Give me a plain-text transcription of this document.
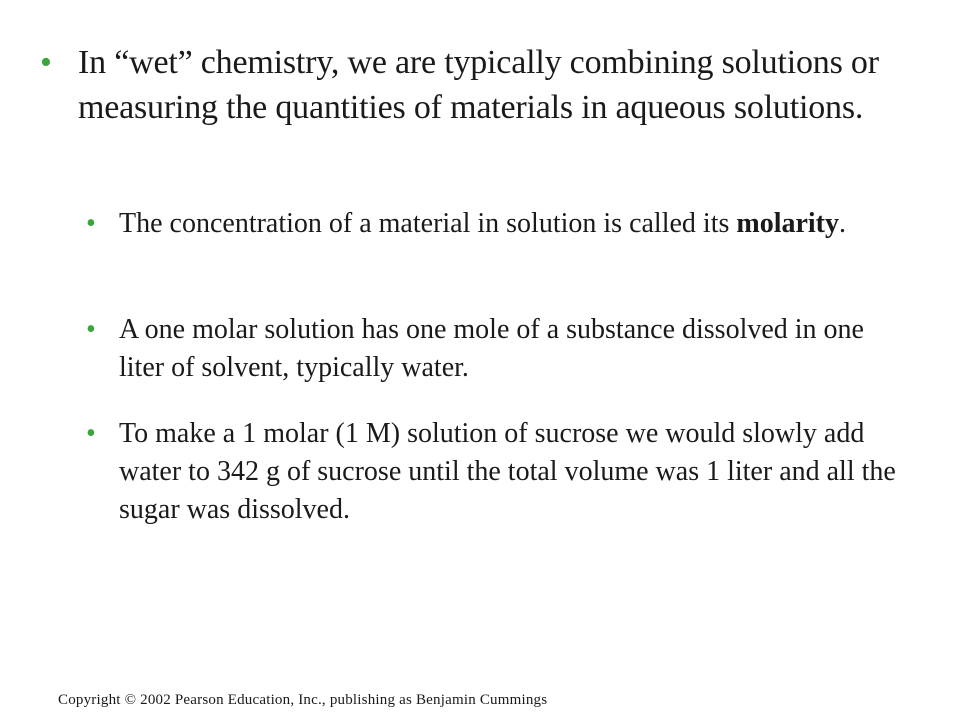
• In “wet” chemistry, we are typically combining solutions or measuring the quantities of materials in aqueous solutions.
• The concentration of a material in solution is called its molarity.
• A one molar solution has one mole of a substance dissolved in one liter of solvent, typically water.
• To make a 1 molar (1 M) solution of sucrose we would slowly add water to 342 g of sucrose until the total volume was 1 liter and all the sugar was dissolved.
Copyright © 2002 Pearson Education, Inc., publishing as Benjamin Cummings
